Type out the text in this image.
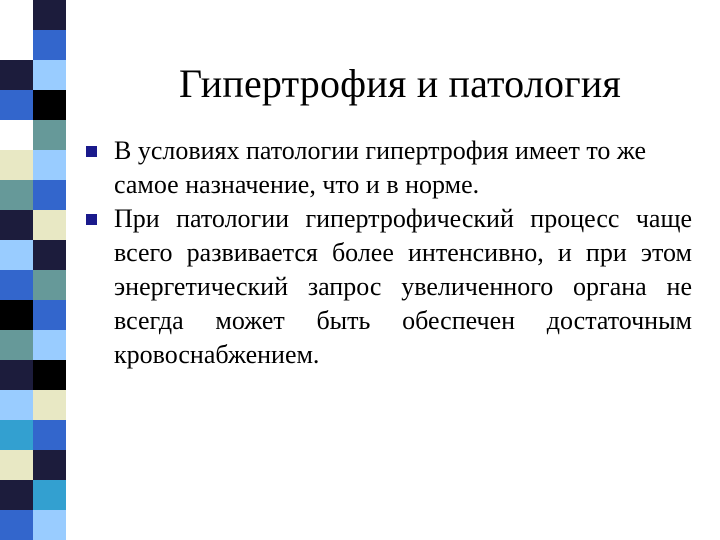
Гипертрофия и патология
В условиях патологии гипертрофия имеет то же самое назначение, что и в норме.
При патологии гипертрофический процесс чаще всего развивается более интенсивно, и при этом энергетический запрос увеличенного органа не всегда может быть обеспечен достаточным кровоснабжением.
